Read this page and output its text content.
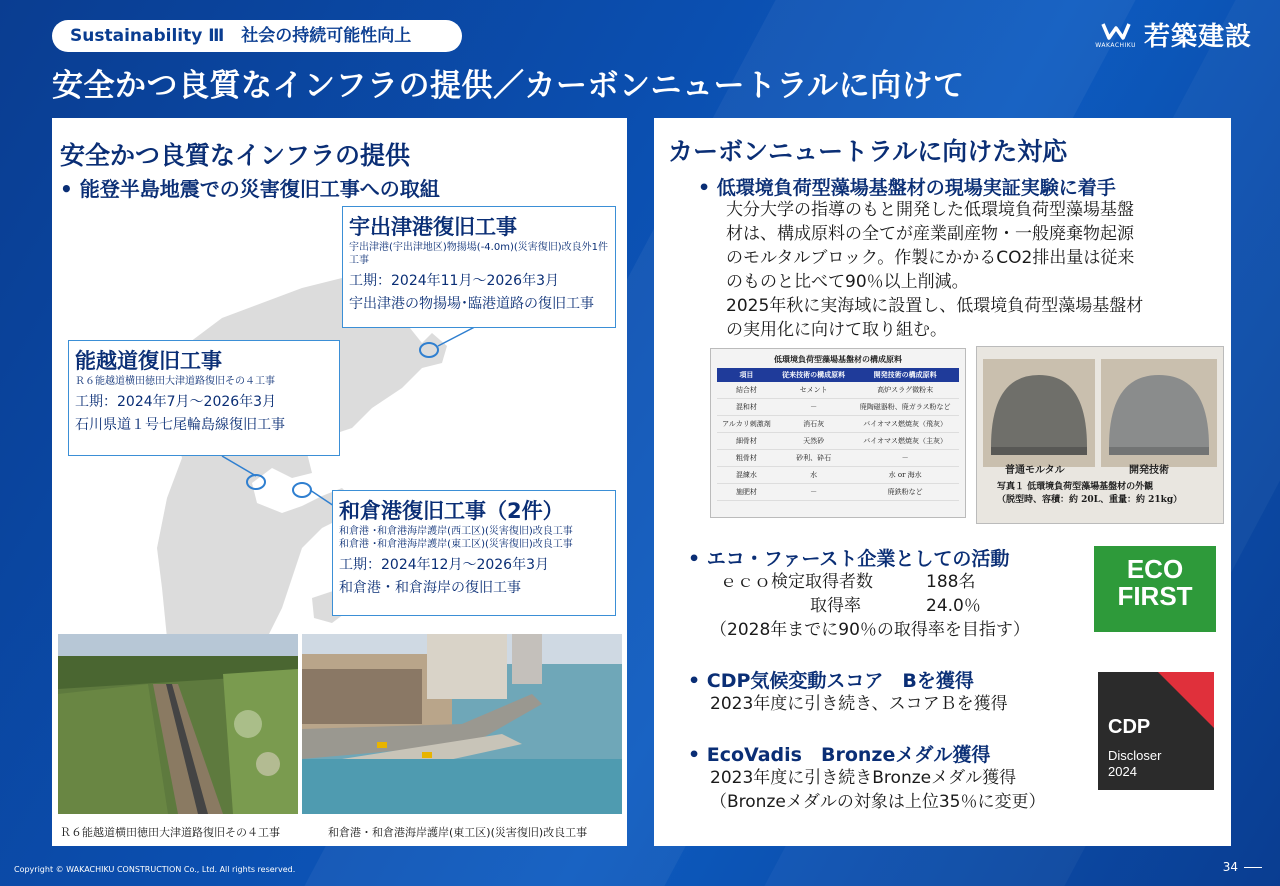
Sustainability Ⅲ　社会の持続可能性向上	WAKACHIKU 若築建設
安全かつ良質なインフラの提供／カーボンニュートラルに向けて
安全かつ良質なインフラの提供
• 能登半島地震での災害復旧工事への取組
宇出津港復旧工事
宇出津港(宇出津地区)物揚場(-4.0m)(災害復旧)改良外1件工事
工期：2024年11月～2026年3月
宇出津港の物揚場･臨港道路の復旧工事
能越道復旧工事
Ｒ６能越道横田徳田大津道路復旧その４工事
工期：2024年7月～2026年3月
石川県道１号七尾輪島線復旧工事
和倉港復旧工事（2件）
和倉港 ･和倉港海岸護岸(西工区)(災害復旧)改良工事
和倉港 ･和倉港海岸護岸(東工区)(災害復旧)改良工事
工期：2024年12月～2026年3月
和倉港・和倉海岸の復旧工事
Ｒ６能越道横田徳田大津道路復旧その４工事	和倉港・和倉港海岸護岸(東工区)(災害復旧)改良工事
カーボンニュートラルに向けた対応
• 低環境負荷型藻場基盤材の現場実証実験に着手
大分大学の指導のもと開発した低環境負荷型藻場基盤
材は、構成原料の全てが産業副産物・一般廃棄物起源
のモルタルブロック。作製にかかるCO2排出量は従来
のものと比べて90％以上削減。
2025年秋に実海域に設置し、低環境負荷型藻場基盤材
の実用化に向けて取り組む。
低環境負荷型藻場基盤材の構成原料
項目	従来技術の構成原料	開発技術の構成原料
結合材	セメント	高炉スラグ微粉末
混和材	－	廃陶磁器粉、廃ガラス粉など
アルカリ刺激剤	消石灰	バイオマス燃焼灰（飛灰）
細骨材	天然砂	バイオマス燃焼灰（主灰）
粗骨材	砂利、砕石	－
混練水	水	水 or 海水
施肥材	－	廃鉄粉など
普通モルタル	開発技術
写真１ 低環境負荷型藻場基盤材の外観
（脱型時、容積：約 20L、重量：約 21kg）
• エコ・ファースト企業としての活動
ｅｃｏ検定取得者数	188名
取得率	24.0％
（2028年までに90％の取得率を目指す）
ECO
FIRST
• CDP気候変動スコア　Bを獲得
2023年度に引き続き、スコアＢを獲得
CDP
Discloser
2024
• EcoVadis　Bronzeメダル獲得
2023年度に引き続きBronzeメダル獲得
（Bronzeメダルの対象は上位35％に変更）
Copyright © WAKACHIKU CONSTRUCTION Co., Ltd. All rights reserved.	34
